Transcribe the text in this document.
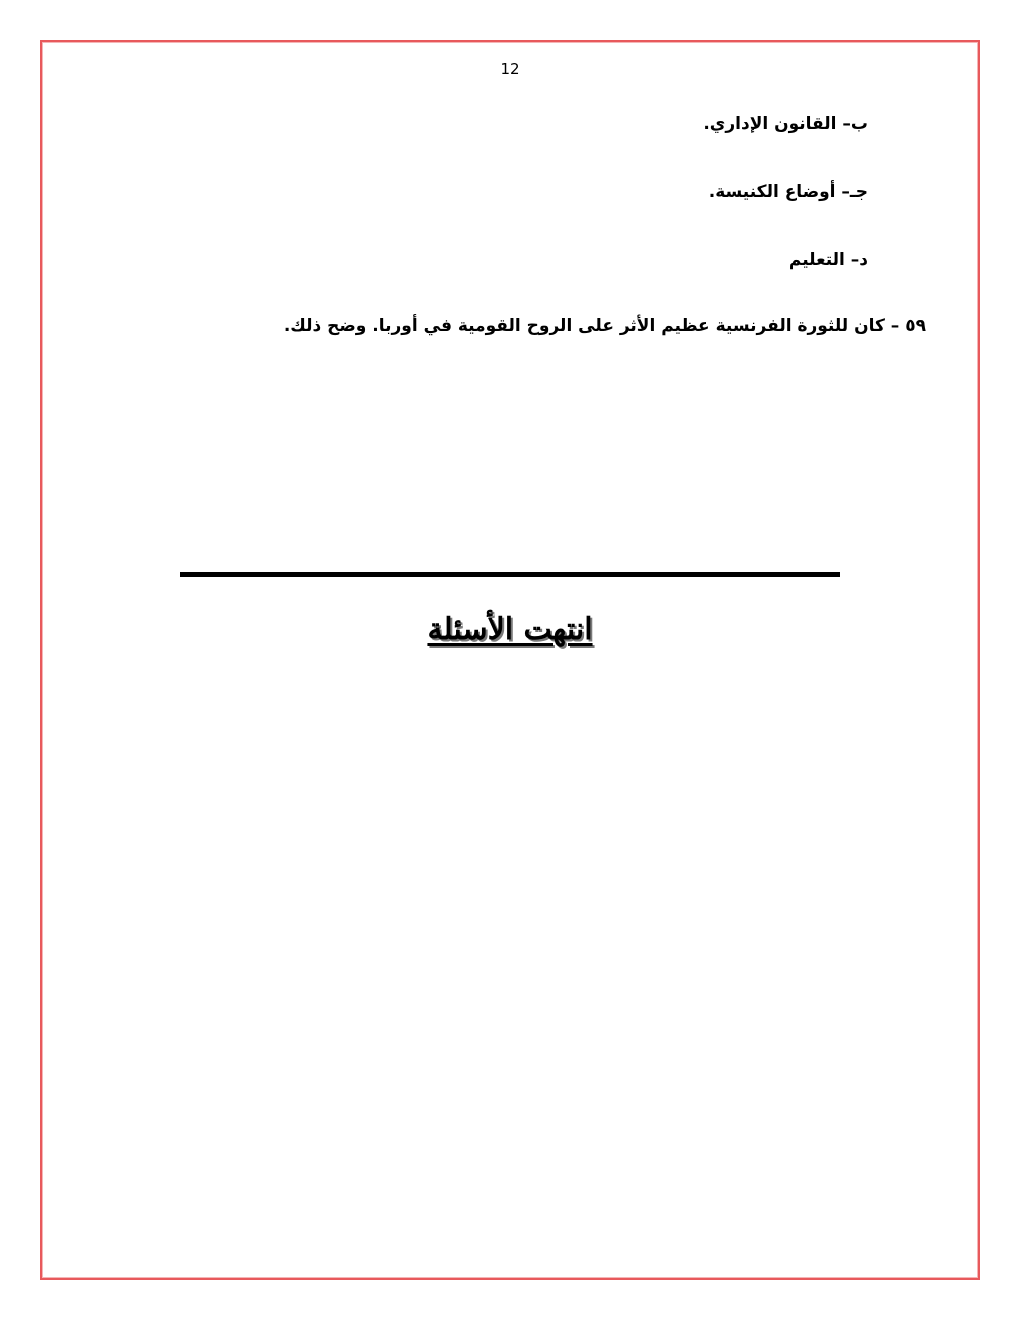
12
ب– القانون الإداري.
جـ– أوضاع الكنيسة.
د– التعليم
٥٩ – كان للثورة الفرنسية عظيم الأثر على الروح القومية في أوربا. وضح ذلك.
انتهت الأسئلة
